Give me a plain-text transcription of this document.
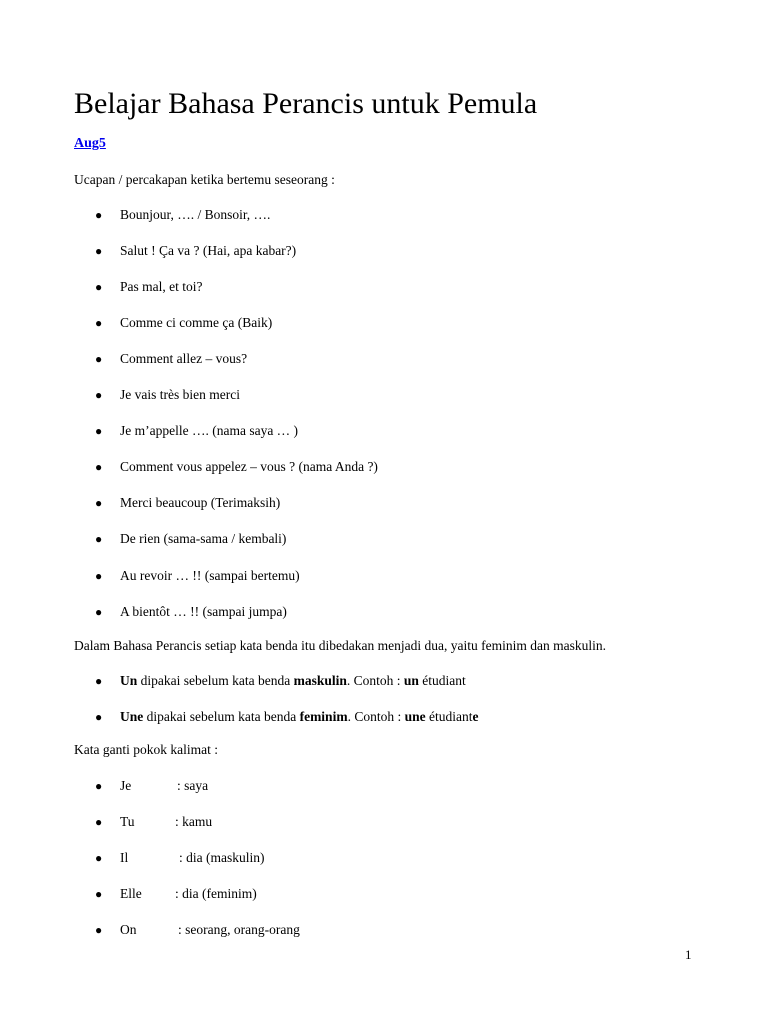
Belajar Bahasa Perancis untuk Pemula
Aug5
Ucapan / percakapan ketika bertemu seseorang :
● Bounjour, …. / Bonsoir, ….
● Salut ! Ça va ? (Hai, apa kabar?)
● Pas mal, et toi?
● Comme ci comme ça (Baik)
● Comment allez – vous?
● Je vais très bien merci
● Je m’appelle …. (nama saya … )
● Comment vous appelez – vous ? (nama Anda ?)
● Merci beaucoup (Terimaksih)
● De rien (sama-sama / kembali)
● Au revoir … !! (sampai bertemu)
● A bientôt … !! (sampai jumpa)
Dalam Bahasa Perancis setiap kata benda itu dibedakan menjadi dua, yaitu feminim dan maskulin.
● Un dipakai sebelum kata benda maskulin. Contoh : un étudiant
● Une dipakai sebelum kata benda feminim. Contoh : une étudiante
Kata ganti pokok kalimat :
● Je	: saya
● Tu	: kamu
● Il	: dia (maskulin)
● Elle : dia (feminim)
● On	: seorang, orang-orang
1
